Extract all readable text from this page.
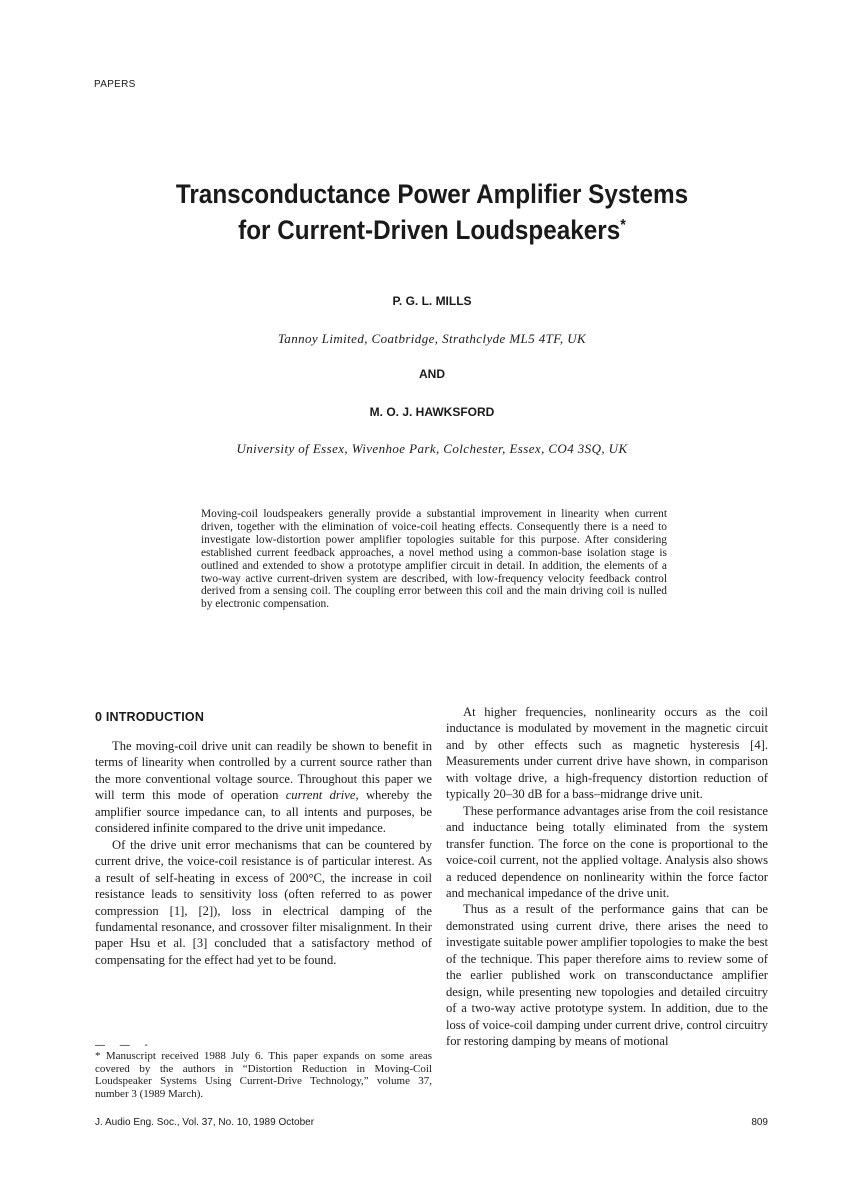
PAPERS
Transconductance Power Amplifier Systems
for Current-Driven Loudspeakers*
P. G. L. MILLS
Tannoy Limited, Coatbridge, Strathclyde ML5 4TF, UK
AND
M. O. J. HAWKSFORD
University of Essex, Wivenhoe Park, Colchester, Essex, CO4 3SQ, UK
Moving-coil loudspeakers generally provide a substantial improvement in linearity when current driven, together with the elimination of voice-coil heating effects. Consequently there is a need to investigate low-distortion power amplifier topologies suitable for this purpose. After considering established current feedback approaches, a novel method using a common-base isolation stage is outlined and extended to show a prototype amplifier circuit in detail. In addition, the elements of a two-way active current-driven system are described, with low-frequency velocity feedback control derived from a sensing coil. The coupling error between this coil and the main driving coil is nulled by electronic compensation.
0 INTRODUCTION

The moving-coil drive unit can readily be shown to benefit in terms of linearity when controlled by a current source rather than the more conventional voltage source. Throughout this paper we will term this mode of operation current drive, whereby the amplifier source impedance can, to all intents and purposes, be considered infinite compared to the drive unit impedance.

Of the drive unit error mechanisms that can be countered by current drive, the voice-coil resistance is of particular interest. As a result of self-heating in excess of 200°C, the increase in coil resistance leads to sensitivity loss (often referred to as power compression [1], [2]), loss in electrical damping of the fundamental resonance, and crossover filter misalignment. In their paper Hsu et al. [3] concluded that a satisfactory method of compensating for the effect had yet to be found.

— — -
* Manuscript received 1988 July 6. This paper expands on some areas covered by the authors in “Distortion Reduction in Moving-Coil Loudspeaker Systems Using Current-Drive Technology,” volume 37, number 3 (1989 March).

At higher frequencies, nonlinearity occurs as the coil inductance is modulated by movement in the magnetic circuit and by other effects such as magnetic hysteresis [4]. Measurements under current drive have shown, in comparison with voltage drive, a high-frequency distortion reduction of typically 20–30 dB for a bass–midrange drive unit.

These performance advantages arise from the coil resistance and inductance being totally eliminated from the system transfer function. The force on the cone is proportional to the voice-coil current, not the applied voltage. Analysis also shows a reduced dependence on nonlinearity within the force factor and mechanical impedance of the drive unit.

Thus as a result of the performance gains that can be demonstrated using current drive, there arises the need to investigate suitable power amplifier topologies to make the best of the technique. This paper therefore aims to review some of the earlier published work on transconductance amplifier design, while presenting new topologies and detailed circuitry of a two-way active prototype system. In addition, due to the loss of voice-coil damping under current drive, control circuitry for restoring damping by means of motional

J. Audio Eng. Soc., Vol. 37, No. 10, 1989 October	809
